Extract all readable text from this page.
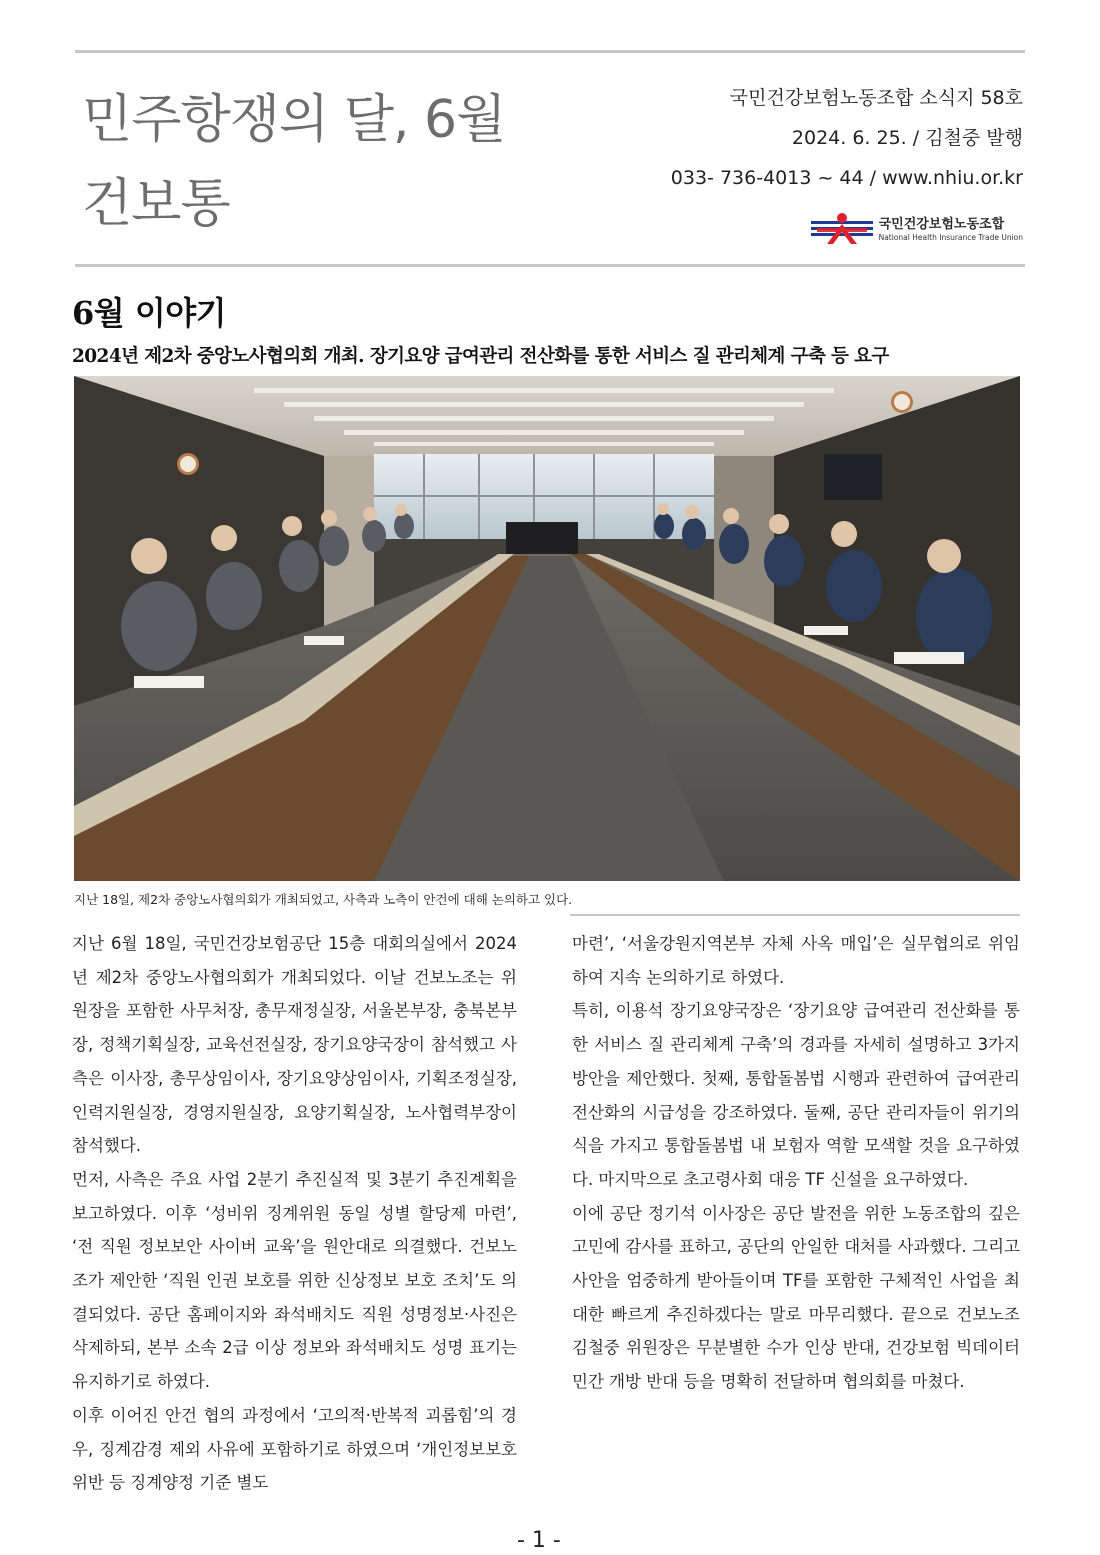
민주항쟁의 달, 6월
건보통
국민건강보험노동조합 소식지 58호
2024. 6. 25. / 김철중 발행
033- 736-4013 ~ 44 / www.nhiu.or.kr
국민건강보험노동조합
National Health Insurance Trade Union
6월 이야기
2024년 제2차 중앙노사협의회 개최. 장기요양 급여관리 전산화를 통한 서비스 질 관리체계 구축 등 요구
지난 18일, 제2차 중앙노사협의회가 개최되었고, 사측과 노측이 안건에 대해 논의하고 있다.

지난 6월 18일, 국민건강보험공단 15층 대회의실에서 2024년 제2차 중앙노사협의회가 개최되었다. 이날 건보노조는 위원장을 포함한 사무처장, 총무재정실장, 서울본부장, 충북본부장, 정책기획실장, 교육선전실장, 장기요양국장이 참석했고 사측은 이사장, 총무상임이사, 장기요양상임이사, 기획조정실장, 인력지원실장, 경영지원실장, 요양기획실장, 노사협력부장이 참석했다.

먼저, 사측은 주요 사업 2분기 추진실적 및 3분기 추진계획을 보고하였다. 이후 ‘성비위 징계위원 동일 성별 할당제 마련’, ‘전 직원 정보보안 사이버 교육’을 원안대로 의결했다. 건보노조가 제안한 ‘직원 인권 보호를 위한 신상정보 보호 조치’도 의결되었다. 공단 홈페이지와 좌석배치도 직원 성명정보·사진은 삭제하되, 본부 소속 2급 이상 정보와 좌석배치도 성명 표기는 유지하기로 하였다.

이후 이어진 안건 협의 과정에서 ‘고의적·반복적 괴롭힘’의 경우, 징계감경 제외 사유에 포함하기로 하였으며 ‘개인정보보호 위반 등 징계양정 기준 별도

마련’, ‘서울강원지역본부 자체 사옥 매입’은 실무협의로 위임하여 지속 논의하기로 하였다.

특히, 이용석 장기요양국장은 ‘장기요양 급여관리 전산화를 통한 서비스 질 관리체계 구축’의 경과를 자세히 설명하고 3가지 방안을 제안했다. 첫째, 통합돌봄법 시행과 관련하여 급여관리 전산화의 시급성을 강조하였다. 둘째, 공단 관리자들이 위기의식을 가지고 통합돌봄법 내 보험자 역할 모색할 것을 요구하였다. 마지막으로 초고령사회 대응 TF 신설을 요구하였다.

이에 공단 정기석 이사장은 공단 발전을 위한 노동조합의 깊은 고민에 감사를 표하고, 공단의 안일한 대처를 사과했다. 그리고 사안을 엄중하게 받아들이며 TF를 포함한 구체적인 사업을 최대한 빠르게 추진하겠다는 말로 마무리했다. 끝으로 건보노조 김철중 위원장은 무분별한 수가 인상 반대, 건강보험 빅데이터 민간 개방 반대 등을 명확히 전달하며 협의회를 마쳤다.

- 1 -
